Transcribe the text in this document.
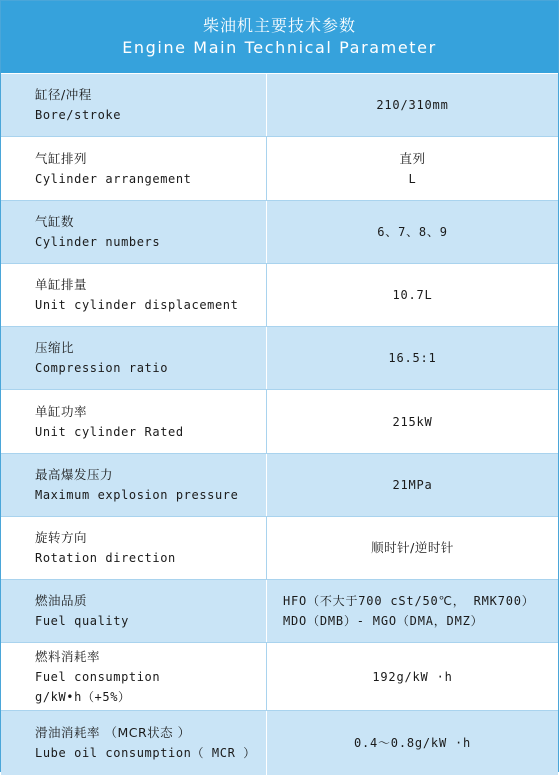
柴油机主要技术参数
Engine Main Technical Parameter
缸径/冲程
Bore/stroke
210/310mm
气缸排列
Cylinder arrangement
直列
L
气缸数
Cylinder numbers
6、7、8、9
单缸排量
Unit cylinder displacement
10.7L
压缩比
Compression ratio
16.5:1
单缸功率
Unit cylinder Rated
215kW
最高爆发压力
Maximum explosion pressure
21MPa
旋转方向
Rotation direction
顺时针/逆时针
燃油品质
Fuel quality
HFO（不大于700 cSt/50℃， RMK700）
MDO（DMB）- MGO（DMA，DMZ）
燃料消耗率
Fuel consumption
g/kW•h（+5%）
192g/kW ·h
滑油消耗率 （MCR状态 ）
Lube oil consumption（ MCR ）
0.4～0.8g/kW ·h
